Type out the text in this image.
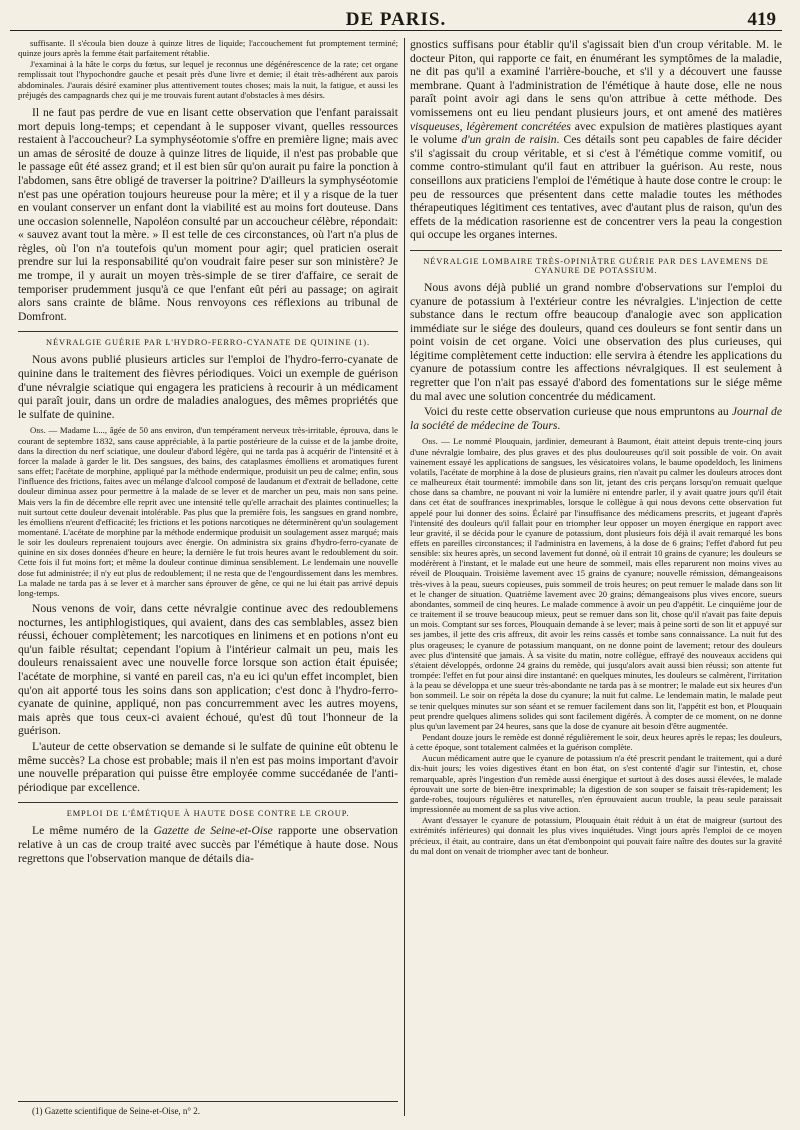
DE PARIS.	419

suffisante. Il s'écoula bien douze à quinze litres de liquide; l'accouchement fut promptement terminé; quinze jours après la femme était parfaitement rétablie.

J'examinai à la hâte le corps du fœtus, sur lequel je reconnus une dégénérescence de la rate; cet organe remplissait tout l'hypochondre gauche et pesait près d'une livre et demie; il était très-adhérent aux parois abdominales. J'aurais désiré examiner plus attentivement toutes choses; mais la nuit, la fatigue, et aussi les préjugés des campagnards chez qui je me trouvais furent autant d'obstacles à mes désirs.

Il ne faut pas perdre de vue en lisant cette observation que l'enfant paraissait mort depuis long-temps; et cependant à le supposer vivant, quelles ressources restaient à l'accoucheur? La symphyséotomie s'offre en première ligne; mais avec un amas de sérosité de douze à quinze litres de liquide, il n'est pas probable que le passage eût été assez grand; et il est bien sûr qu'on aurait pu faire la ponction à l'abdomen, sans être obligé de traverser la poitrine? D'ailleurs la symphyséotomie n'est pas une opération toujours heureuse pour la mère; et il y a risque de la tuer en voulant conserver un enfant dont la viabilité est au moins fort douteuse. Dans une occasion solennelle, Napoléon consulté par un accoucheur célèbre, répondait: « sauvez avant tout la mère. » Il est telle de ces circonstances, où l'art n'a plus de règles, où l'on n'a toutefois qu'un moment pour agir; quel praticien oserait prendre sur lui la responsabilité qu'on voudrait faire peser sur son ministère? Je me trompe, il y aurait un moyen très-simple de se tirer d'affaire, ce serait de temporiser prudemment jusqu'à ce que l'enfant eût péri au passage; on agirait alors sans crainte de blâme. Nous renvoyons ces réflexions au tribunal de Domfront.

NÉVRALGIE GUÉRIE PAR L'HYDRO-FERRO-CYANATE DE QUININE (1).

Nous avons publié plusieurs articles sur l'emploi de l'hydro-ferro-cyanate de quinine dans le traitement des fièvres périodiques. Voici un exemple de guérison d'une névralgie sciatique qui engagera les praticiens à recourir à un médicament qui paraît jouir, dans un ordre de maladies analogues, des mêmes propriétés que le sulfate de quinine.

Obs. — Madame L..., âgée de 50 ans environ, d'un tempérament nerveux très-irritable, éprouva, dans le courant de septembre 1832, sans cause appréciable, à la partie postérieure de la cuisse et de la jambe droite, dans la direction du nerf sciatique, une douleur d'abord légère, qui ne tarda pas à acquérir de l'intensité et à forcer la malade à garder le lit. Des sangsues, des bains, des cataplasmes émolliens et aromatiques furent sans effet; l'acétate de morphine, appliqué par la méthode endermique, produisit un peu de calme; enfin, sous l'influence des frictions, faites avec un mélange d'alcool composé de laudanum et d'extrait de belladone, cette douleur diminua assez pour permettre à la malade de se lever et de marcher un peu, mais non sans peine. Mais vers la fin de décembre elle reprit avec une intensité telle qu'elle arrachait des plaintes continuelles; la nuit surtout cette douleur devenait intolérable. Pas plus que la première fois, les sangsues en grand nombre, les émolliens n'eurent d'efficacité; les frictions et les potions narcotiques ne déterminèrent qu'un soulagement momentané. L'acétate de morphine par la méthode endermique produisit un soulagement assez marqué; mais le soir les douleurs reprenaient toujours avec énergie. On administra six grains d'hydro-ferro-cyanate de quinine en six doses données d'heure en heure; la dernière le fut trois heures avant le redoublement du soir. Cette fois il fut moins fort; et même la douleur continue diminua sensiblement. Le lendemain une nouvelle dose fut administrée; il n'y eut plus de redoublement; il ne resta que de l'engourdissement dans les membres. La malade ne tarda pas à se lever et à marcher sans éprouver de gêne, ce qui ne lui était pas arrivé depuis long-temps.

Nous venons de voir, dans cette névralgie continue avec des redoublemens nocturnes, les antiphlogistiques, qui avaient, dans des cas semblables, assez bien réussi, échouer complètement; les narcotiques en linimens et en potions n'ont eu qu'un faible résultat; cependant l'opium à l'intérieur calmait un peu, mais les douleurs renaissaient avec une nouvelle force lorsque son action était épuisée; l'acétate de morphine, si vanté en pareil cas, n'a eu ici qu'un effet incomplet, bien qu'on ait apporté tous les soins dans son application; c'est donc à l'hydro-ferro-cyanate de quinine, appliqué, non pas concurremment avec les autres moyens, mais après que tous ceux-ci avaient échoué, qu'est dû tout l'honneur de la guérison.

L'auteur de cette observation se demande si le sulfate de quinine eût obtenu le même succès? La chose est probable; mais il n'en est pas moins important d'avoir une nouvelle préparation qui puisse être employée comme succédanée de l'anti-périodique par excellence.

EMPLOI DE L'ÉMÉTIQUE À HAUTE DOSE CONTRE LE CROUP.

Le même numéro de la Gazette de Seine-et-Oise rapporte une observation relative à un cas de croup traité avec succès par l'émétique à haute dose. Nous regrettons que l'observation manque de détails dia-

(1) Gazette scientifique de Seine-et-Oise, n° 2.

gnostics suffisans pour établir qu'il s'agissait bien d'un croup véritable. M. le docteur Piton, qui rapporte ce fait, en énumérant les symptômes de la maladie, ne dit pas qu'il a examiné l'arrière-bouche, et s'il y a découvert une fausse membrane. Quant à l'administration de l'émétique à haute dose, elle ne nous paraît point avoir agi dans le sens qu'on attribue à cette méthode. Des vomissemens ont eu lieu pendant plusieurs jours, et ont amené des matières visqueuses, légèrement concrétées avec expulsion de matières plastiques ayant le volume d'un grain de raisin. Ces détails sont peu capables de faire décider s'il s'agissait du croup véritable, et si c'est à l'émétique comme vomitif, ou comme contro-stimulant qu'il faut en attribuer la guérison. Au reste, nous conseillons aux praticiens l'emploi de l'émétique à haute dose contre le croup: le peu de ressources que présentent dans cette maladie toutes les méthodes thérapeutiques légitiment ces tentatives, avec d'autant plus de raison, qu'un des effets de la médication rasorienne est de concentrer vers la peau la congestion qui occupe les organes internes.

NÉVRALGIE LOMBAIRE TRÈS-OPINIÂTRE GUÉRIE PAR DES LAVEMENS DE CYANURE DE POTASSIUM.

Nous avons déjà publié un grand nombre d'observations sur l'emploi du cyanure de potassium à l'extérieur contre les névralgies. L'injection de cette substance dans le rectum offre beaucoup d'analogie avec son application immédiate sur le siége des douleurs, quand ces douleurs se font sentir dans un point voisin de cet organe. Voici une observation des plus curieuses, qui légitime complètement cette induction: elle servira à étendre les applications du cyanure de potassium contre les affections névralgiques. Il est seulement à regretter que l'on n'ait pas essayé d'abord des fomentations sur le siége même du mal avec une solution concentrée du médicament.

Voici du reste cette observation curieuse que nous empruntons au Journal de la société de médecine de Tours.

Obs. — Le nommé Plouquain, jardinier, demeurant à Baumont, était atteint depuis trente-cinq jours d'une névralgie lombaire, des plus graves et des plus douloureuses qu'il soit possible de voir. On avait vainement essayé les applications de sangsues, les vésicatoires volans, le baume opodeldoch, les linimens volatils, l'acétate de morphine à la dose de plusieurs grains, rien n'avait pu calmer les douleurs atroces dont ce malheureux était tourmenté: immobile dans son lit, jetant des cris perçans lorsqu'on remuait quelque chose dans sa chambre, ne pouvant ni voir la lumière ni entendre parler, il y avait quatre jours qu'il était dans cet état de souffrances inexprimables, lorsque le collègue à qui nous devons cette observation fut appelé pour lui donner des soins. Éclairé par l'insuffisance des médicamens prescrits, et jugeant d'après l'intensité des douleurs qu'il fallait pour en triompher leur opposer un moyen énergique en rapport avec leur gravité, il se décida pour le cyanure de potassium, dont plusieurs fois déjà il avait remarqué les bons effets en pareilles circonstances; il l'administra en lavemens, à la dose de 6 grains; l'effet d'abord fut peu sensible: six heures après, un second lavement fut donné, où il entrait 10 grains de cyanure; les douleurs se modérèrent à l'instant, et le malade eut une heure de sommeil, mais elles reparurent non moins vives au réveil de Plouquain. Troisième lavement avec 15 grains de cyanure; nouvelle rémission, démangeaisons très-vives à la peau, sueurs copieuses, puis sommeil de trois heures; on peut remuer le malade dans son lit et le changer de situation. Quatrième lavement avec 20 grains; démangeaisons plus vives encore, sueurs abondantes, sommeil de cinq heures. Le malade commence à avoir un peu d'appétit. Le cinquième jour de ce traitement il se trouve beaucoup mieux, peut se remuer dans son lit, chose qu'il n'avait pas faite depuis un mois. Comptant sur ses forces, Plouquain demande à se lever; mais à peine sorti de son lit et appuyé sur ses jambes, il jette des cris affreux, dit avoir les reins cassés et tombe sans connaissance. La nuit fut des plus orageuses; le cyanure de potassium manquant, on ne donne point de lavement; retour des douleurs avec plus d'intensité que jamais. À sa visite du matin, notre collègue, effrayé des nouveaux accidens qui s'étaient développés, ordonne 24 grains du remède, qui jusqu'alors avait aussi bien réussi; son attente fut trompée: l'effet en fut pour ainsi dire instantané: en quelques minutes, les douleurs se calmèrent, l'irritation à la peau se développa et une sueur très-abondante ne tarda pas à se montrer; le malade eut six heures d'un bon sommeil. Le soir on répéta la dose du cyanure; la nuit fut calme. Le lendemain matin, le malade peut se tenir quelques minutes sur son séant et se remuer facilement dans son lit, l'appétit est bon, et Plouquain peut prendre quelques alimens solides qui sont facilement digérés. À compter de ce moment, on ne donne plus qu'un lavement par 24 heures, sans que la dose de cyanure ait besoin d'être augmentée.

Pendant douze jours le remède est donné régulièrement le soir, deux heures après le repas; les douleurs, à cette époque, sont totalement calmées et la guérison complète.

Aucun médicament autre que le cyanure de potassium n'a été prescrit pendant le traitement, qui a duré dix-huit jours; les voies digestives étant en bon état, on s'est contenté d'agir sur l'intestin, et, chose remarquable, après l'ingestion d'un remède aussi énergique et surtout à des doses aussi élevées, le malade éprouvait une sorte de bien-être inexprimable; la digestion de son souper se faisait très-rapidement; les garde-robes, toujours régulières et naturelles, n'en éprouvaient aucun trouble, la peau seule paraissait impressionnée au moment de sa plus vive action.

Avant d'essayer le cyanure de potassium, Plouquain était réduit à un état de maigreur (surtout des extrémités inférieures) qui donnait les plus vives inquiétudes. Vingt jours après l'emploi de ce moyen précieux, il était, au contraire, dans un état d'embonpoint qui pouvait faire naître des doutes sur la gravité du mal dont on venait de triompher avec tant de bonheur.
